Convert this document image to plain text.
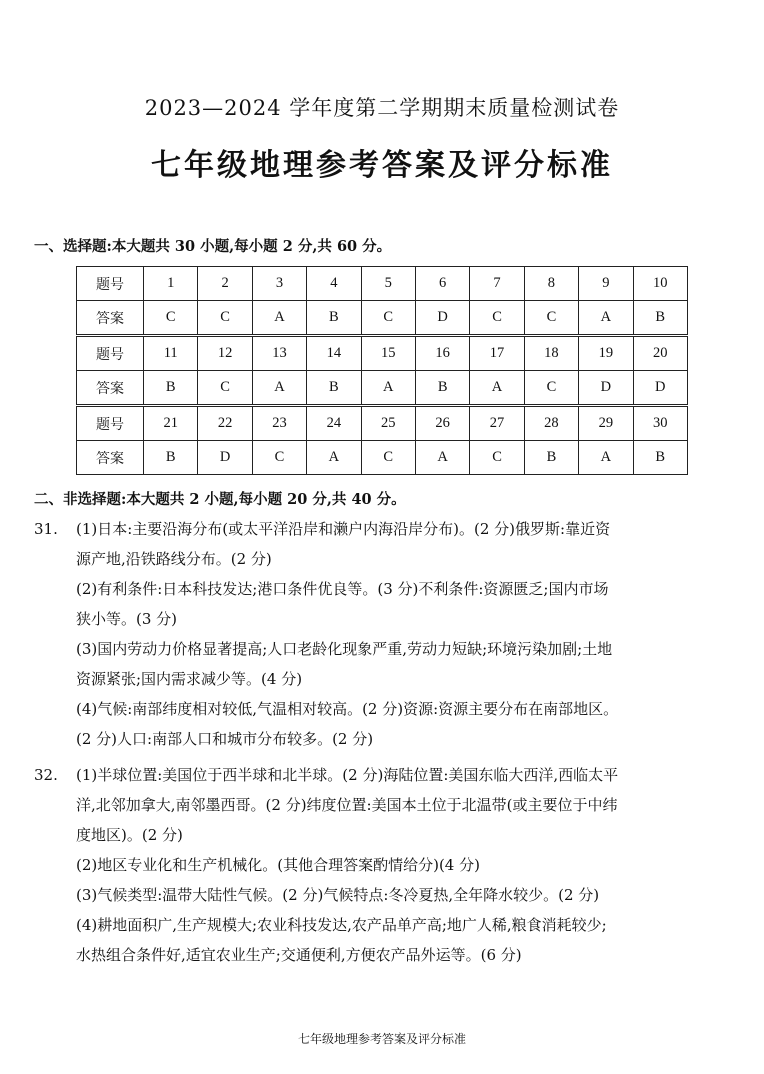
2023—2024 学年度第二学期期末质量检测试卷
七年级地理参考答案及评分标准
一、选择题:本大题共 30 小题,每小题 2 分,共 60 分。
题号	1	2	3	4	5	6	7	8	9	10
答案	C	C	A	B	C	D	C	C	A	B
题号	11	12	13	14	15	16	17	18	19	20
答案	B	C	A	B	A	B	A	C	D	D
题号	21	22	23	24	25	26	27	28	29	30
答案	B	D	C	A	C	A	C	B	A	B
二、非选择题:本大题共 2 小题,每小题 20 分,共 40 分。

31. (1)日本:主要沿海分布(或太平洋沿岸和濑户内海沿岸分布)。(2 分)俄罗斯:靠近资

源产地,沿铁路线分布。(2 分)

(2)有利条件:日本科技发达;港口条件优良等。(3 分)不利条件:资源匮乏;国内市场

狭小等。(3 分)

(3)国内劳动力价格显著提高;人口老龄化现象严重,劳动力短缺;环境污染加剧;土地

资源紧张;国内需求减少等。(4 分)

(4)气候:南部纬度相对较低,气温相对较高。(2 分)资源:资源主要分布在南部地区。

(2 分)人口:南部人口和城市分布较多。(2 分)

32. (1)半球位置:美国位于西半球和北半球。(2 分)海陆位置:美国东临大西洋,西临太平

洋,北邻加拿大,南邻墨西哥。(2 分)纬度位置:美国本土位于北温带(或主要位于中纬

度地区)。(2 分)

(2)地区专业化和生产机械化。(其他合理答案酌情给分)(4 分)

(3)气候类型:温带大陆性气候。(2 分)气候特点:冬冷夏热,全年降水较少。(2 分)

(4)耕地面积广,生产规模大;农业科技发达,农产品单产高;地广人稀,粮食消耗较少;

水热组合条件好,适宜农业生产;交通便利,方便农产品外运等。(6 分)

七年级地理参考答案及评分标准
